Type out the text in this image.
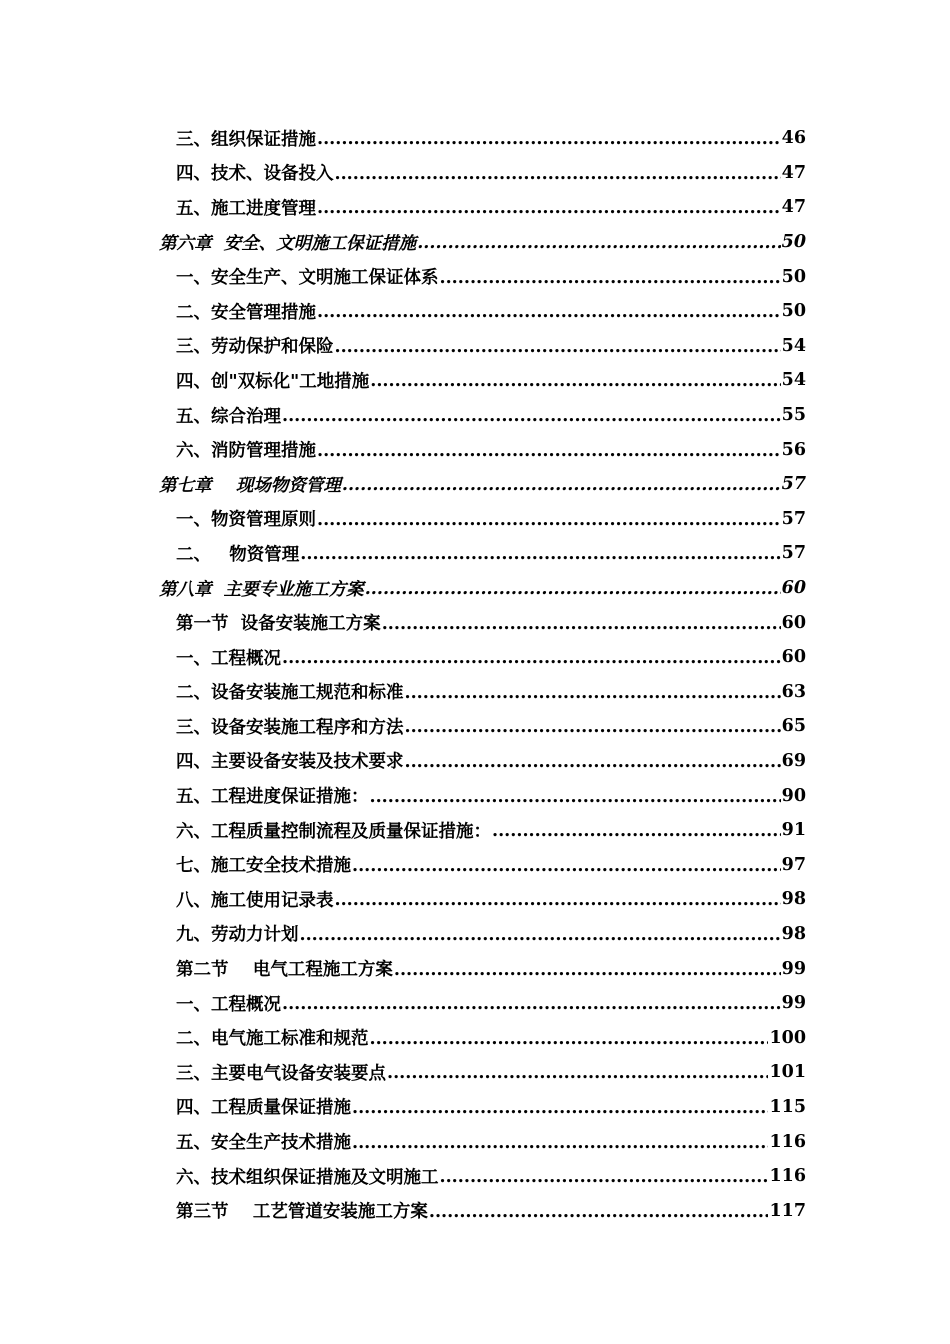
三、组织保证措施 .....	46
四、技术、设备投入 .....	47
五、施工进度管理 .....	47
第六章  安全、文明施工保证措施 .....	50
一、安全生产、文明施工保证体系 .....	50
二、安全管理措施 .....	50
三、劳动保护和保险 .....	54
四、创"双标化"工地措施 .....	54
五、综合治理 .....	55
六、消防管理措施 .....	56
第七章    现场物资管理 .....	57
一、物资管理原则 .....	57
二、   物资管理 .....	57
第八章  主要专业施工方案 .....	60
第一节  设备安装施工方案 .....	60
一、工程概况 .....	60
二、设备安装施工规范和标准 .....	63
三、设备安装施工程序和方法 .....	65
四、主要设备安装及技术要求 .....	69
五、工程进度保证措施： .....	90
六、工程质量控制流程及质量保证措施： .....	91
七、施工安全技术措施 .....	97
八、施工使用记录表 .....	98
九、劳动力计划 .....	98
第二节    电气工程施工方案 .....	99
一、工程概况 .....	99
二、电气施工标准和规范 .....	100
三、主要电气设备安装要点 .....	101
四、工程质量保证措施 .....	115
五、安全生产技术措施 .....	116
六、技术组织保证措施及文明施工 .....	116
第三节    工艺管道安装施工方案 .....	117
